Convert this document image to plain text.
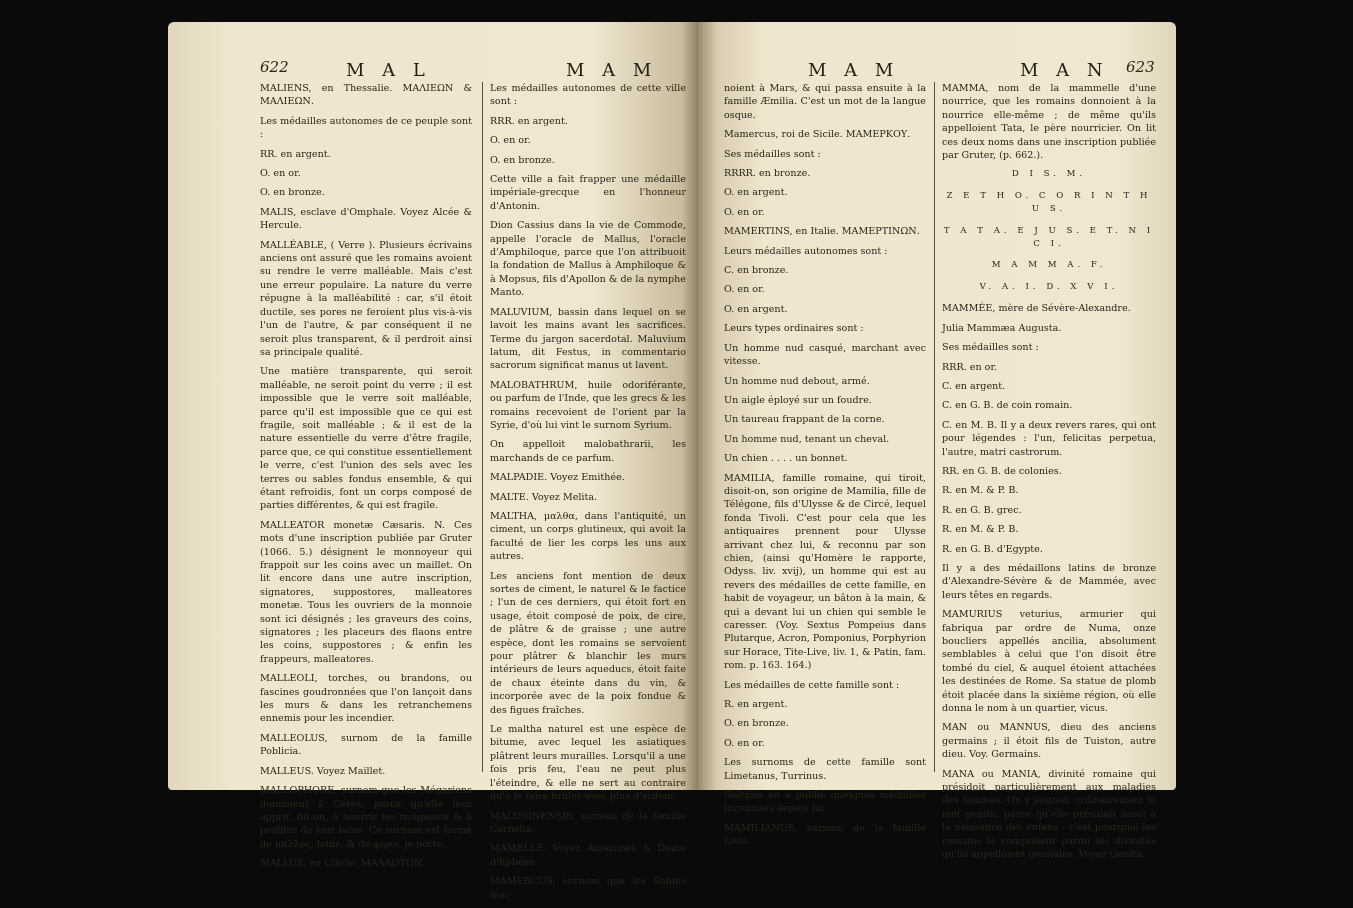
622	M A L	M A M

MALIENS, en Thessalie. ΜΑΛΙΕΩΝ & ΜΑΛΙΕΩΝ.

Les médailles autonomes de ce peuple sont :

RR. en argent.

O. en or.

O. en bronze.

MALIS, esclave d'Omphale. Voyez Alcée & Hercule.

MALLÉABLE, ( Verre ). Plusieurs écrivains anciens ont assuré que les romains avoient su rendre le verre malléable. Mais c'est une erreur populaire. La nature du verre répugne à la malléabilité : car, s'il étoit ductile, ses pores ne feroient plus vis-à-vis l'un de l'autre, & par conséquent il ne seroit plus transparent, & il perdroit ainsi sa principale qualité.

Une matière transparente, qui seroit malléable, ne seroit point du verre ; il est impossible que le verre soit malléable, parce qu'il est impossible que ce qui est fragile, soit malléable ; & il est de la nature essentielle du verre d'être fragile, parce que, ce qui constitue essentiellement le verre, c'est l'union des sels avec les terres ou sables fondus ensemble, & qui étant refroidis, font un corps composé de parties différentes, & qui est fragile.

MALLEATOR monetæ Cæsaris. N. Ces mots d'une inscription publiée par Gruter (1066. 5.) désignent le monnoyeur qui frappoit sur les coins avec un maillet. On lit encore dans une autre inscription, signatores, suppostores, malleatores monetæ. Tous les ouvriers de la monnoie sont ici désignés ; les graveurs des coins, signatores ; les placeurs des flaons entre les coins, suppostores ; & enfin les frappeurs, malleatores.

MALLEOLI, torches, ou brandons, ou fascines goudronnées que l'on lançoit dans les murs & dans les retranchemens ennemis pour les incendier.

MALLEOLUS, surnom de la famille Poblicia.

MALLEUS. Voyez Maillet.

MALLOPHORE, surnom que les Mégariens donnoient à Cérès, parce qu'elle leur apprit, dit-on, à nourrir les troupeaux & à profiter de leur laine. Ce surnom est formé de μαλλος, laine, & de φέρω, je porte.

MALLUS, en Cilicie. ΜΑΛΛΩΤΩΝ.

Les médailles autonomes de cette ville sont :

RRR. en argent.

O. en or.

O. en bronze.

Cette ville a fait frapper une médaille impériale-grecque en l'honneur d'Antonin.

Dion Cassius dans la vie de Commode, appelle l'oracle de Mallus, l'oracle d'Amphiloque, parce que l'on attribuoit la fondation de Mallus à Amphiloque & à Mopsus, fils d'Apollon & de la nymphe Manto.

MALUVIUM, bassin dans lequel on se lavoit les mains avant les sacrifices. Terme du jargon sacerdotal. Maluvium latum, dit Festus, in commentario sacrorum significat manus ut lavent.

MALOBATHRUM, huile odoriférante, ou parfum de l'Inde, que les grecs & les romains recevoient de l'orient par la Syrie, d'où lui vint le surnom Syrium.

On appelloit malobathrarii, les marchands de ce parfum.

MALPADIE. Voyez Emithée.

MALTE. Voyez Melita.

MALTHA, μαλθα, dans l'antiquité, un ciment, un corps glutineux, qui avoit la faculté de lier les corps les uns aux autres.

Les anciens font mention de deux sortes de ciment, le naturel & le factice ; l'un de ces derniers, qui étoit fort en usage, étoit composé de poix, de cire, de plâtre & de graisse ; une autre espèce, dont les romains se servoient pour plâtrer & blanchir les murs intérieurs de leurs aqueducs, étoit faite de chaux éteinte dans du vin, & incorporée avec de la poix fondue & des figues fraîches.

Le maltha naturel est une espèce de bitume, avec lequel les asiatiques plâtrent leurs murailles. Lorsqu'il a une fois pris feu, l'eau ne peut plus l'éteindre, & elle ne sert au contraire qu'à le faire brûler avec plus d'ardeur.

MALUGINENSIS, surnom de la famille Cornelia.

MAMELLE. Voyez Amazones & Diane d'Ephèse.

MAMERCUS, surnom que les Sabins don-

M A M	M A N 623

noient à Mars, & qui passa ensuite à la famille Æmilia. C'est un mot de la langue osque.

Mamercus, roi de Sicile. ΜΑΜΕΡΚΟΥ.

Ses médailles sont :

RRRR. en bronze.

O. en argent.

O. en or.

MAMERTINS, en Italie. ΜΑΜΕΡΤΙΝΩΝ.

Leurs médailles autonomes sont :

C. en bronze.

O. en or.

O. en argent.

Leurs types ordinaires sont :

Un homme nud casqué, marchant avec vitesse.

Un homme nud debout, armé.

Un aigle éployé sur un foudre.

Un taureau frappant de la corne.

Un homme nud, tenant un cheval.

Un chien . . . . un bonnet.

MAMILIA, famille romaine, qui tiroit, disoit-on, son origine de Mamilia, fille de Télégone, fils d'Ulysse & de Circé, lequel fonda Tivoli. C'est pour cela que les antiquaires prennent pour Ulysse arrivant chez lui, & reconnu par son chien, (ainsi qu'Homère le rapporte, Odyss. liv. xvij), un homme qui est au revers des médailles de cette famille, en habit de voyageur, un bâton à la main, & qui a devant lui un chien qui semble le caresser. (Voy. Sextus Pompeius dans Plutarque, Acron, Pomponius, Porphyrion sur Horace, Tite-Live, liv. 1, & Patin, fam. rom. p. 163. 164.)

Les médailles de cette famille sont :

R. en argent.

O. en bronze.

O. en or.

Les surnoms de cette famille sont Limetanus, Turrinus.

Goltzius en a publié quelques médailles inconnues depuis lui.

MAMILIANUS, surnom de la famille Livia.

MAMMA, nom de la mammelle d'une nourrice, que les romains donnoient à la nourrice elle-même ; de même qu'ils appelloient Tata, le père nourricier. On lit ces deux noms dans une inscription publiée par Gruter, (p. 662.).

D I S. M.

Z E T H O. C O R I N T H U S.

T A T A. E J U S. E T. N I C I.

M A M M A. F.

V. A. I. D. X V I.

MAMMÉE, mère de Sévère-Alexandre.

Julia Mammæa Augusta.

Ses médailles sont :

RRR. en or.

C. en argent.

C. en G. B. de coin romain.

C. en M. B. Il y a deux revers rares, qui ont pour légendes : l'un, felicitas perpetua, l'autre, matri castrorum.

RR. en G. B. de colonies.

R. en M. & P. B.

R. en G. B. grec.

R. en M. & P. B.

R. en G. B. d'Egypte.

Il y a des médaillons latins de bronze d'Alexandre-Sévère & de Mammée, avec leurs têtes en regards.

MAMURIUS veturius, armurier qui fabriqua par ordre de Numa, onze boucliers appellés ancilia, absolument semblables à celui que l'on disoit être tombé du ciel, & auquel étoient attachées les destinées de Rome. Sa statue de plomb étoit placée dans la sixième région, où elle donna le nom à un quartier, vicus.

MAN ou MANNUS, dieu des anciens germains ; il étoit fils de Tuiston, autre dieu. Voy. Germains.

MANA ou MANIA, divinité romaine qui présidoit particulièrement aux maladies des femmes. On y joignoit ordinairement le mot genita, parce qu'elle présidoit aussi à la naissance des enfans ; c'est pourquoi les romains la comptoient parmi les divinités qu'ils appelloient genitales. Voyez Genita.
